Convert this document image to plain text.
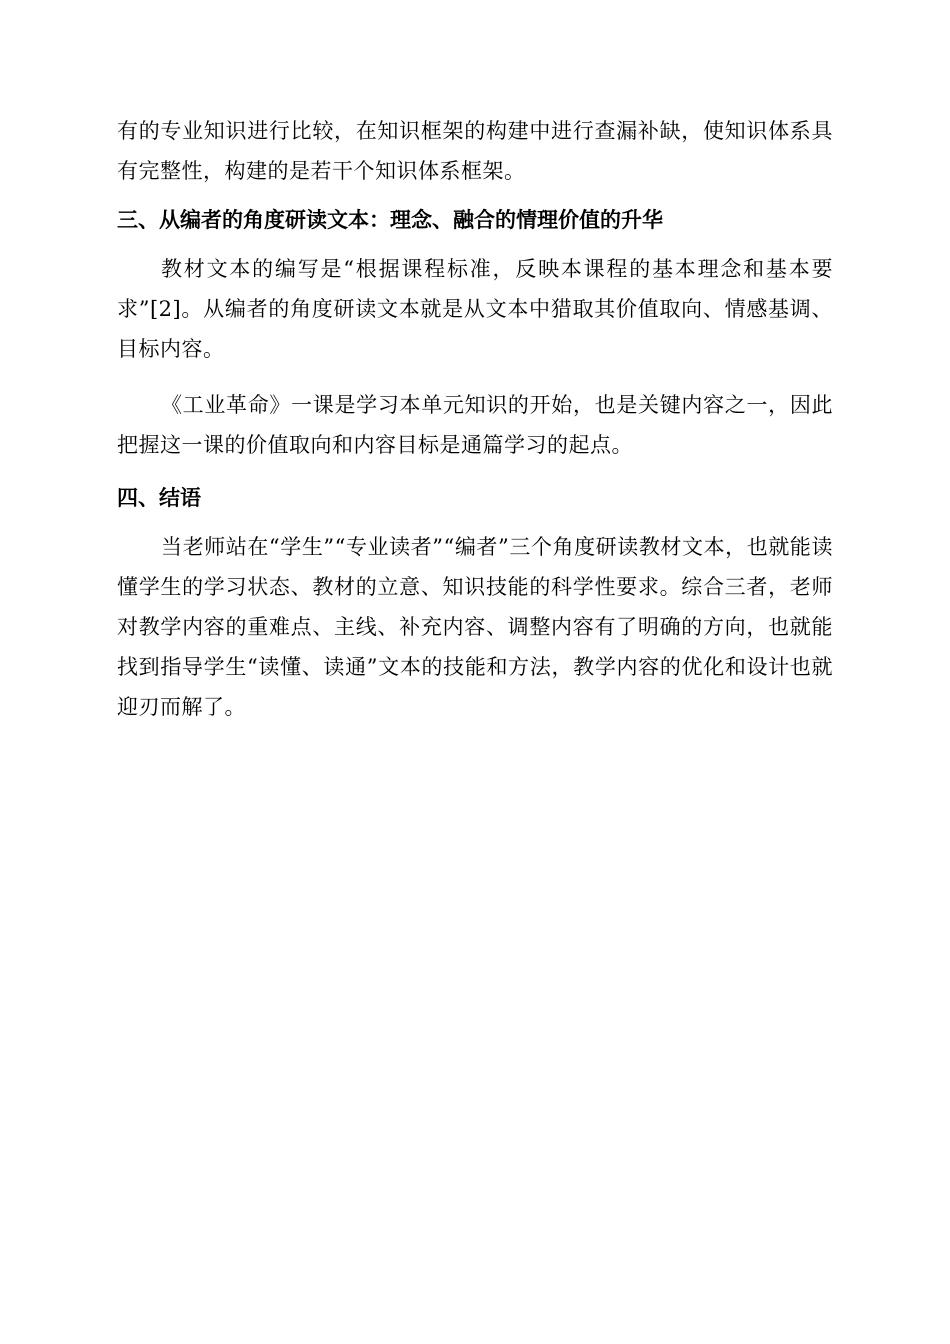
有的专业知识进行比较，在知识框架的构建中进行查漏补缺，使知识体系具有完整性，构建的是若干个知识体系框架。

三、从编者的角度研读文本：理念、融合的情理价值的升华

教材文本的编写是“根据课程标准，反映本课程的基本理念和基本要求”[2]。从编者的角度研读文本就是从文本中猎取其价值取向、情感基调、目标内容。

《工业革命》一课是学习本单元知识的开始，也是关键内容之一，因此把握这一课的价值取向和内容目标是通篇学习的起点。

四、结语

当老师站在“学生”“专业读者”“编者”三个角度研读教材文本，也就能读懂学生的学习状态、教材的立意、知识技能的科学性要求。综合三者，老师对教学内容的重难点、主线、补充内容、调整内容有了明确的方向，也就能找到指导学生“读懂、读通”文本的技能和方法，教学内容的优化和设计也就迎刃而解了。
